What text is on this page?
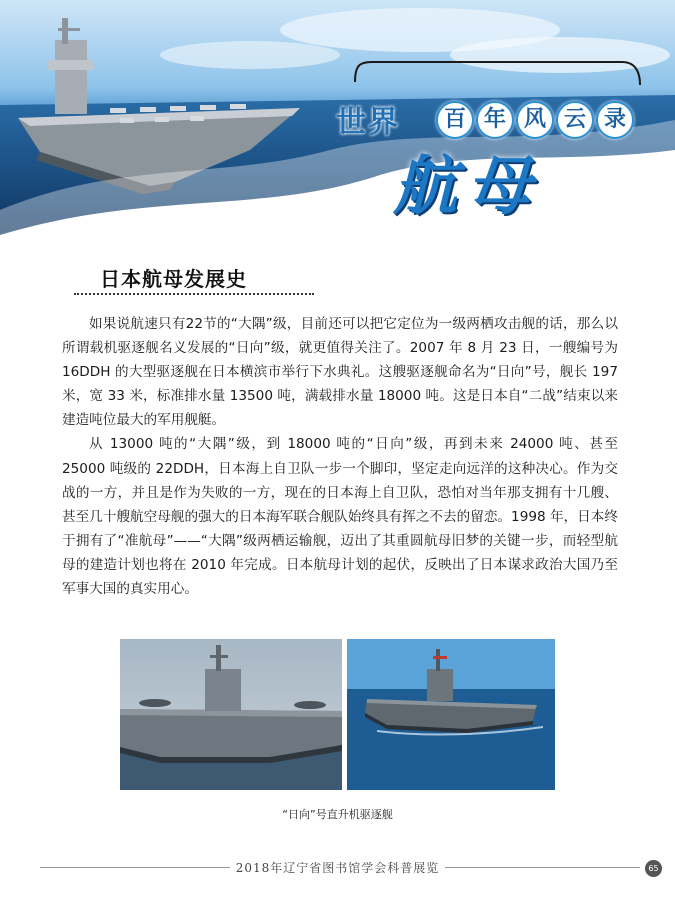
世界	百 年 风 云 录
航母
日本航母发展史

如果说航速只有22节的“大隅”级，目前还可以把它定位为一级两栖攻击舰的话，那么以所谓载机驱逐舰名义发展的“日向”级，就更值得关注了。2007 年 8 月 23 日，一艘编号为 16DDH 的大型驱逐舰在日本横滨市举行下水典礼。这艘驱逐舰命名为“日向”号，舰长 197 米，宽 33 米，标准排水量 13500 吨，满载排水量 18000 吨。这是日本自“二战”结束以来建造吨位最大的军用舰艇。

从 13000 吨的“大隅”级，到 18000 吨的“日向”级，再到未来 24000 吨、甚至 25000 吨级的 22DDH，日本海上自卫队一步一个脚印，坚定走向远洋的这种决心。作为交战的一方，并且是作为失败的一方，现在的日本海上自卫队，恐怕对当年那支拥有十几艘、甚至几十艘航空母舰的强大的日本海军联合舰队始终具有挥之不去的留恋。1998 年，日本终于拥有了“准航母”——“大隅”级两栖运输舰，迈出了其重圆航母旧梦的关键一步，而轻型航母的建造计划也将在 2010 年完成。日本航母计划的起伏，反映出了日本谋求政治大国乃至军事大国的真实用心。

“日向”号直升机驱逐舰
2018年辽宁省图书馆学会科普展览	65
